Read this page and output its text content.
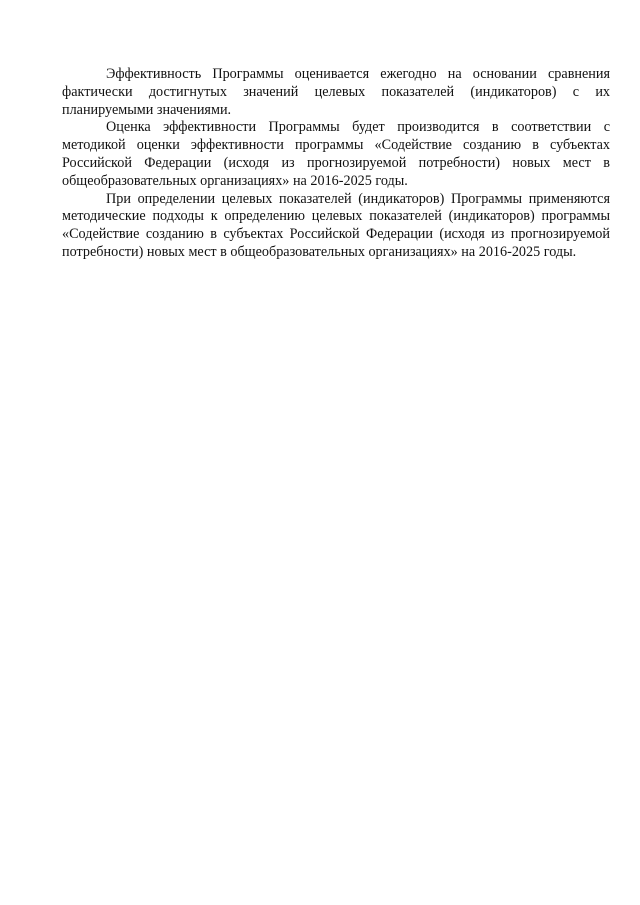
Эффективность Программы оценивается ежегодно на основании сравнения фактически достигнутых значений целевых показателей (индикаторов) с их планируемыми значениями.

Оценка эффективности Программы будет производится в соответствии с методикой оценки эффективности программы «Содействие созданию в субъектах Российской Федерации (исходя из прогнозируемой потребности) новых мест в общеобразовательных организациях» на 2016-2025 годы.

При определении целевых показателей (индикаторов) Программы применяются методические подходы к определению целевых показателей (индикаторов) программы «Содействие созданию в субъектах Российской Федерации (исходя из прогнозируемой потребности) новых мест в общеобразовательных организациях» на 2016-2025 годы.
